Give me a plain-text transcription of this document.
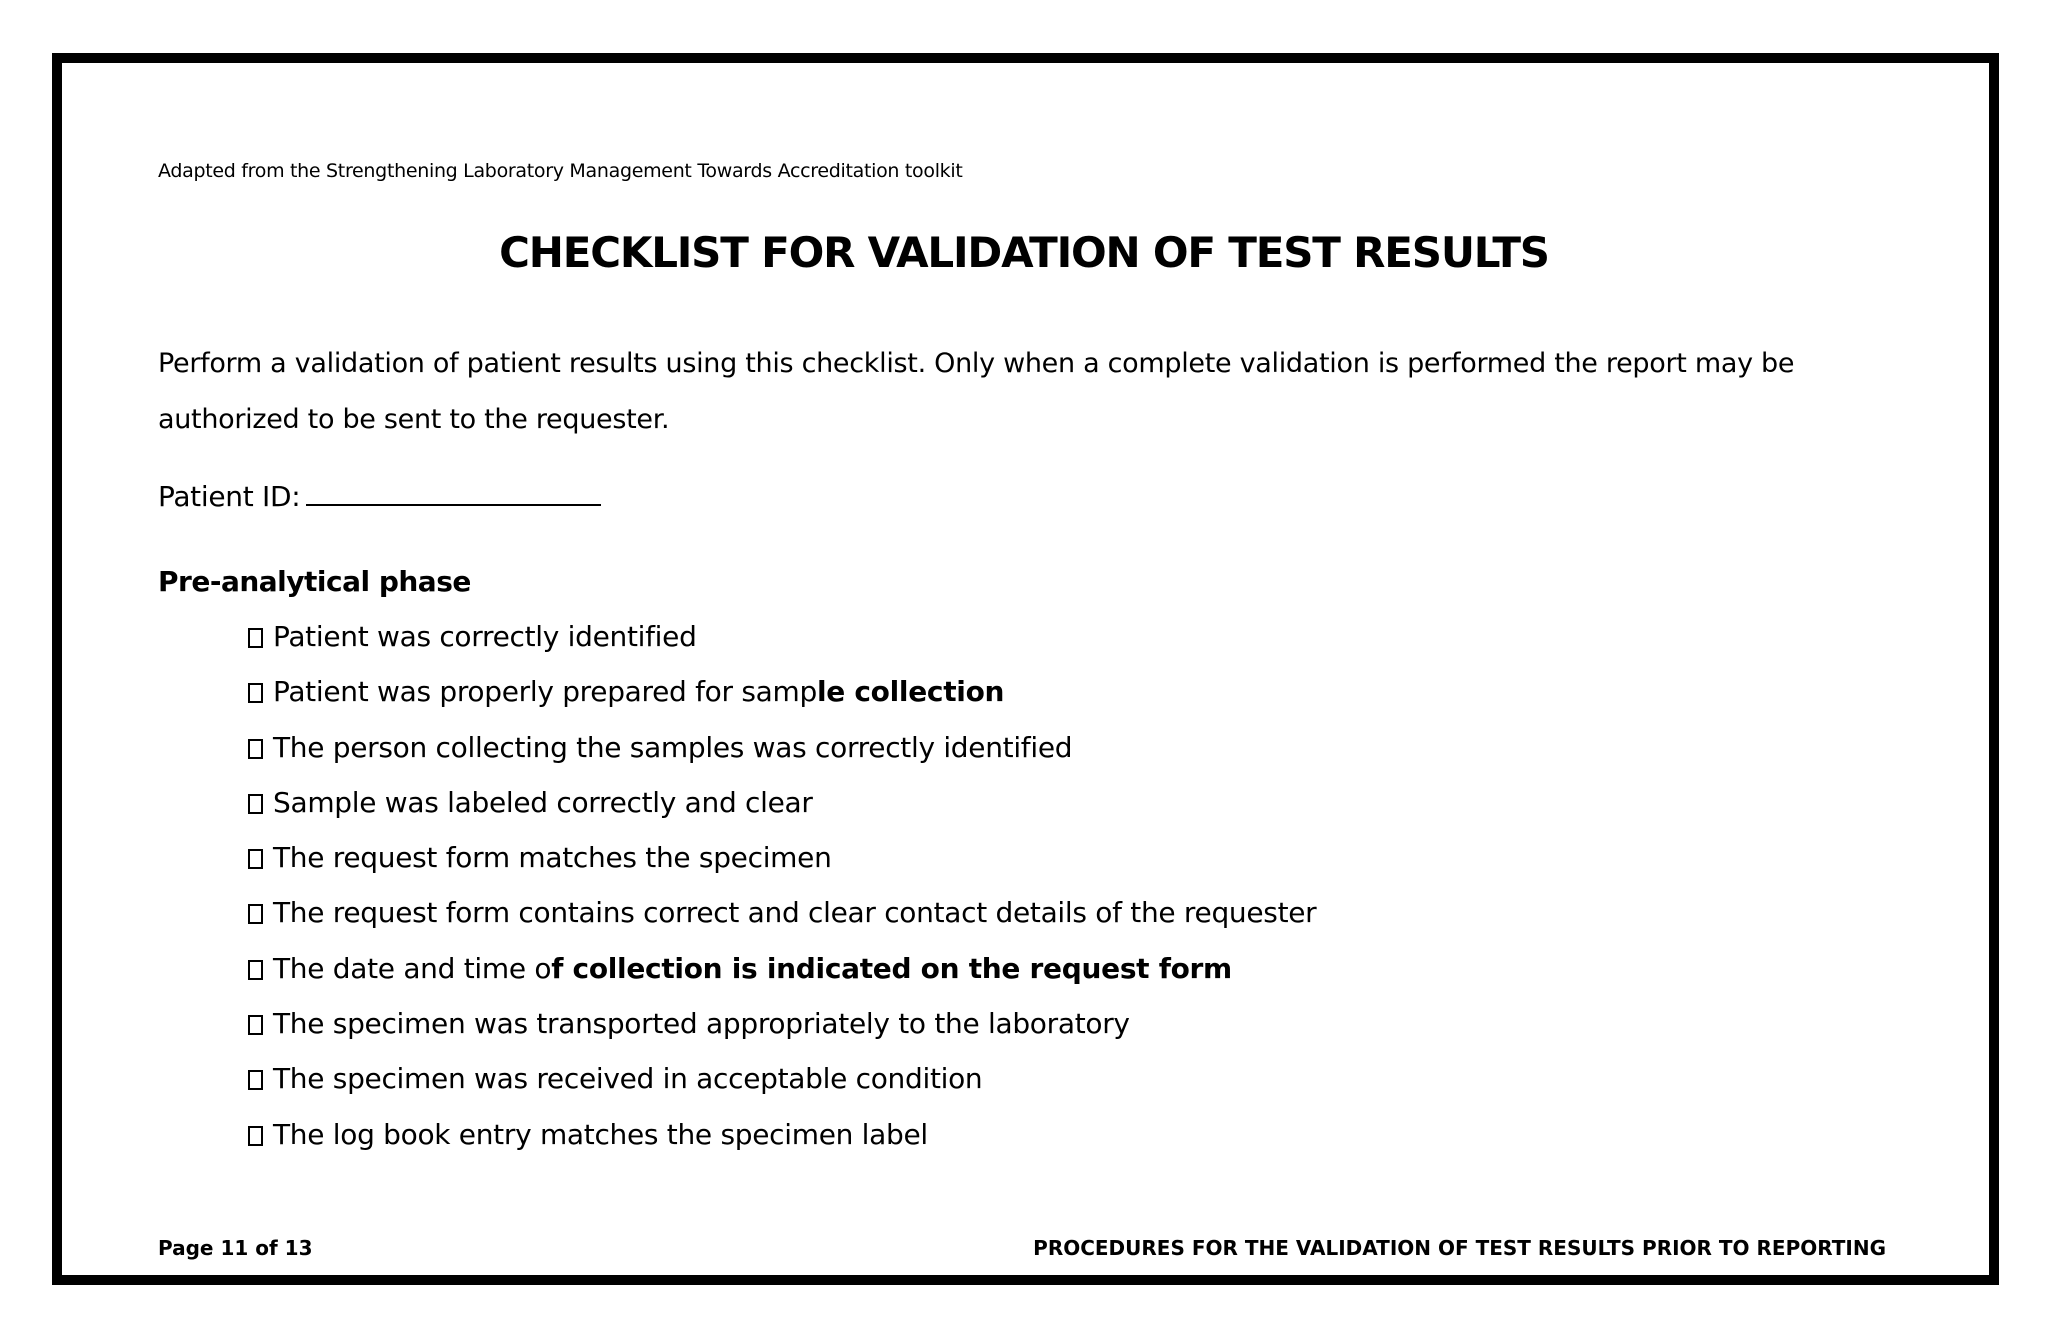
Adapted from the Strengthening Laboratory Management Towards Accreditation toolkit
CHECKLIST FOR VALIDATION OF TEST RESULTS
Perform a validation of patient results using this checklist. Only when a complete validation is performed the report may be authorized to be sent to the requester.
Patient ID:
Pre-analytical phase
Patient was correctly identified
Patient was properly prepared for samp le collection
The person collecting the samples was correctly identified
Sample was labeled correctly and clear
The request form matches the specimen
The request form contains correct and clear contact details of the requester
The date and time o f collection is indicated on the request form
The specimen was transported appropriately to the laboratory
The specimen was received in acceptable condition
The log book entry matches the specimen label
Page 11 of 13	PROCEDURES FOR THE VALIDATION OF TEST RESULTS PRIOR TO REPORTING
